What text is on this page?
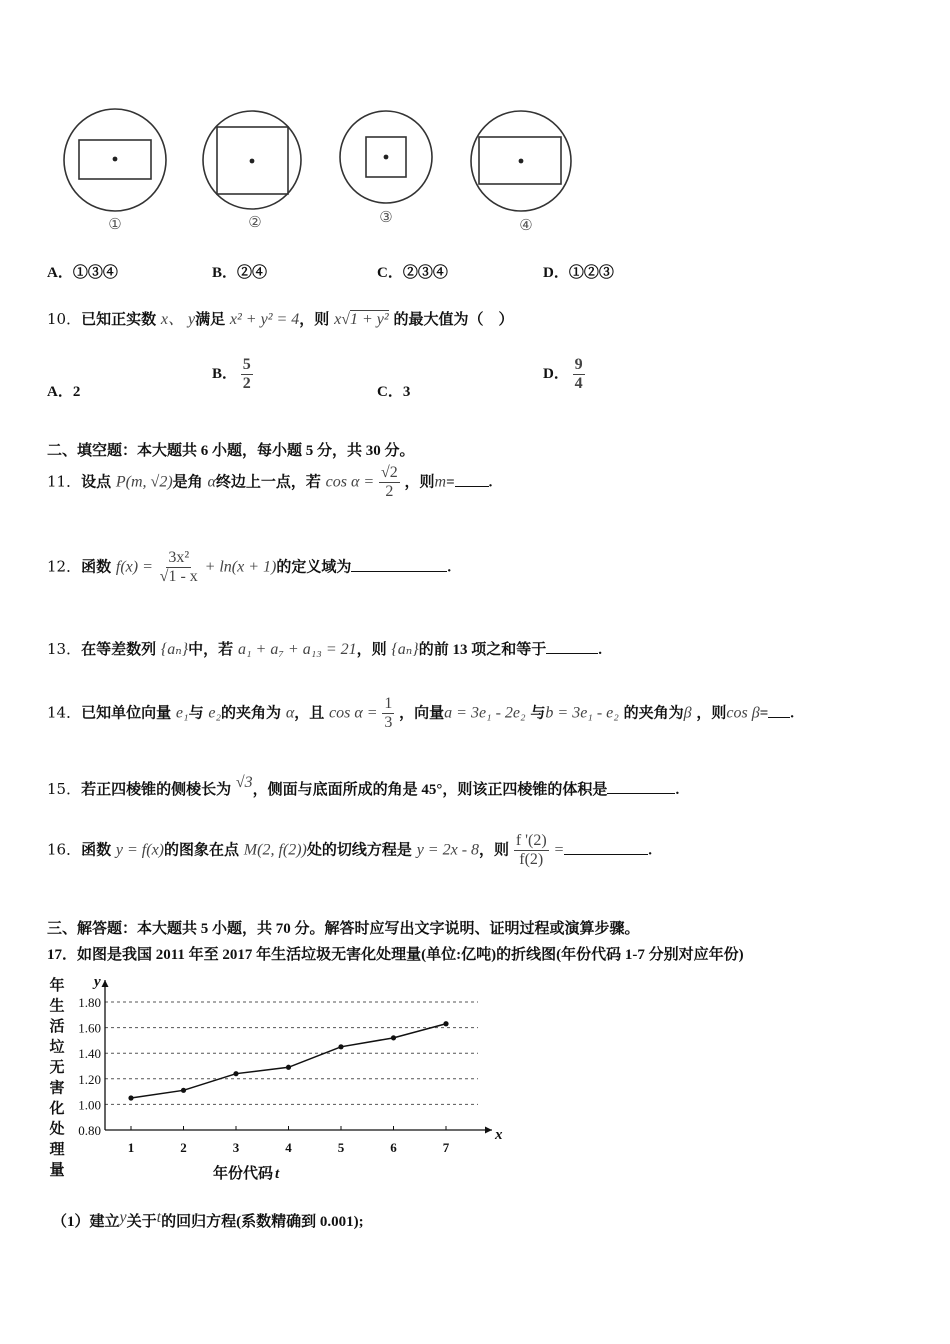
①	②	③	④
A．①③④	B．②④	C．②③④	D．①②③
10．已知正实数 x、 y满足 x² + y² = 4，则 x√1 + y² 的最大值为（　）
A．2
B． $\frac{5}{2}$	C．3
D． $\frac{9}{4}$
二、填空题：本大题共 6 小题，每小题 5 分，共 30 分。
11．设点 P(m, √2)是角 α终边上一点，若 $\cos \alpha = \frac{√2}{2}$ ，则m= .
12．函数 $f(x) = \frac{\text{3x²}}{√1 - x} + \ln(x + 1)$的定义域为	.
13．在等差数列 {aₙ}中，若 a₁ + a₇ + a₁₃ = 21，则 {aₙ}的前 13 项之和等于	.
14．已知单位向量 e₁与 e₂的夹角为 α，且 $\cos \alpha = \frac{1}{3}$ ，向量a = 3e₁ - 2e₂ 与b = 3e₁ - e₂ 的夹角为β ，则cos β= .
15．若正四棱锥的侧棱长为 √3，侧面与底面所成的角是 45°，则该正四棱锥的体积是	.
16．函数 y = f(x)的图象在点 M(2, f(2))处的切线方程是 y = 2x - 8，则 $\frac{f '(2)}{f(2)}$ =	.
三、解答题：本大题共 5 小题，共 70 分。解答时应写出文字说明、证明过程或演算步骤。
17．如图是我国 2011 年至 2017 年生活垃圾无害化处理量(单位:亿吨)的折线图(年份代码 1-7 分别对应年份)
年
生
活
垃
无
害
化
处
理
量
0.80
1.00
1.20
1.40
1.60
1.80
y
x
1	2	3	4	5	6	7
年份代码 t
（1）建立y关于t的回归方程(系数精确到 0.001);
